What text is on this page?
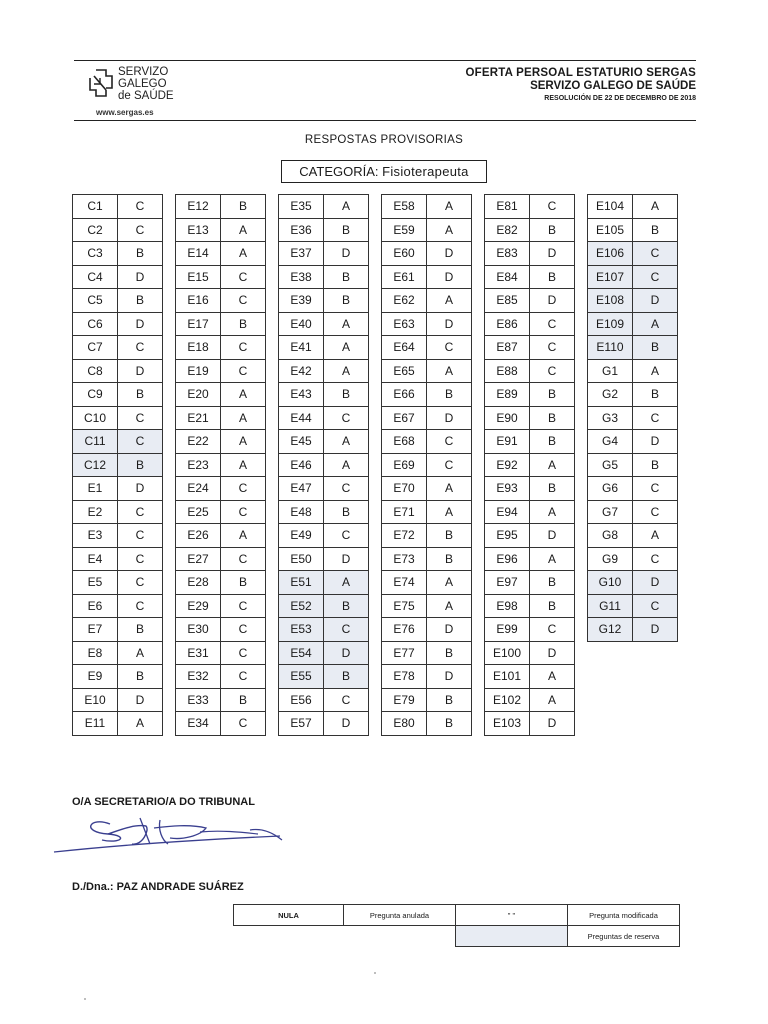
SERVIZO
GALEGO
de SAÚDE
www.sergas.es
OFERTA PERSOAL ESTATURIO SERGAS
SERVIZO GALEGO DE SAÚDE
RESOLUCIÓN DE 22 DE DECEMBRO DE 2018
RESPOSTAS PROVISORIAS
CATEGORÍA: Fisioterapeuta
C1	C
C2	C
C3	B
C4	D
C5	B
C6	D
C7	C
C8	D
C9	B
C10	C
C11	C
C12	B
E1	D
E2	C
E3	C
E4	C
E5	C
E6	C
E7	B
E8	A
E9	B
E10	D
E11	A
E12	B
E13	A
E14	A
E15	C
E16	C
E17	B
E18	C
E19	C
E20	A
E21	A
E22	A
E23	A
E24	C
E25	C
E26	A
E27	C
E28	B
E29	C
E30	C
E31	C
E32	C
E33	B
E34	C
E35	A
E36	B
E37	D
E38	B
E39	B
E40	A
E41	A
E42	A
E43	B
E44	C
E45	A
E46	A
E47	C
E48	B
E49	C
E50	D
E51	A
E52	B
E53	C
E54	D
E55	B
E56	C
E57	D
E58	A
E59	A
E60	D
E61	D
E62	A
E63	D
E64	C
E65	A
E66	B
E67	D
E68	C
E69	C
E70	A
E71	A
E72	B
E73	B
E74	A
E75	A
E76	D
E77	B
E78	D
E79	B
E80	B
E81	C
E82	B
E83	D
E84	B
E85	D
E86	C
E87	C
E88	C
E89	B
E90	B
E91	B
E92	A
E93	B
E94	A
E95	D
E96	A
E97	B
E98	B
E99	C
E100	D
E101	A
E102	A
E103	D
E104	A
E105	B
E106	C
E107	C
E108	D
E109	A
E110	B
G1	A
G2	B
G3	C
G4	D
G5	B
G6	C
G7	C
G8	A
G9	C
G10	D
G11	C
G12	D
O/A SECRETARIO/A DO TRIBUNAL
D./Dna.: PAZ ANDRADE SUÁREZ
NULA	Pregunta anulada	" "	Pregunta modificada
			Preguntas de reserva
